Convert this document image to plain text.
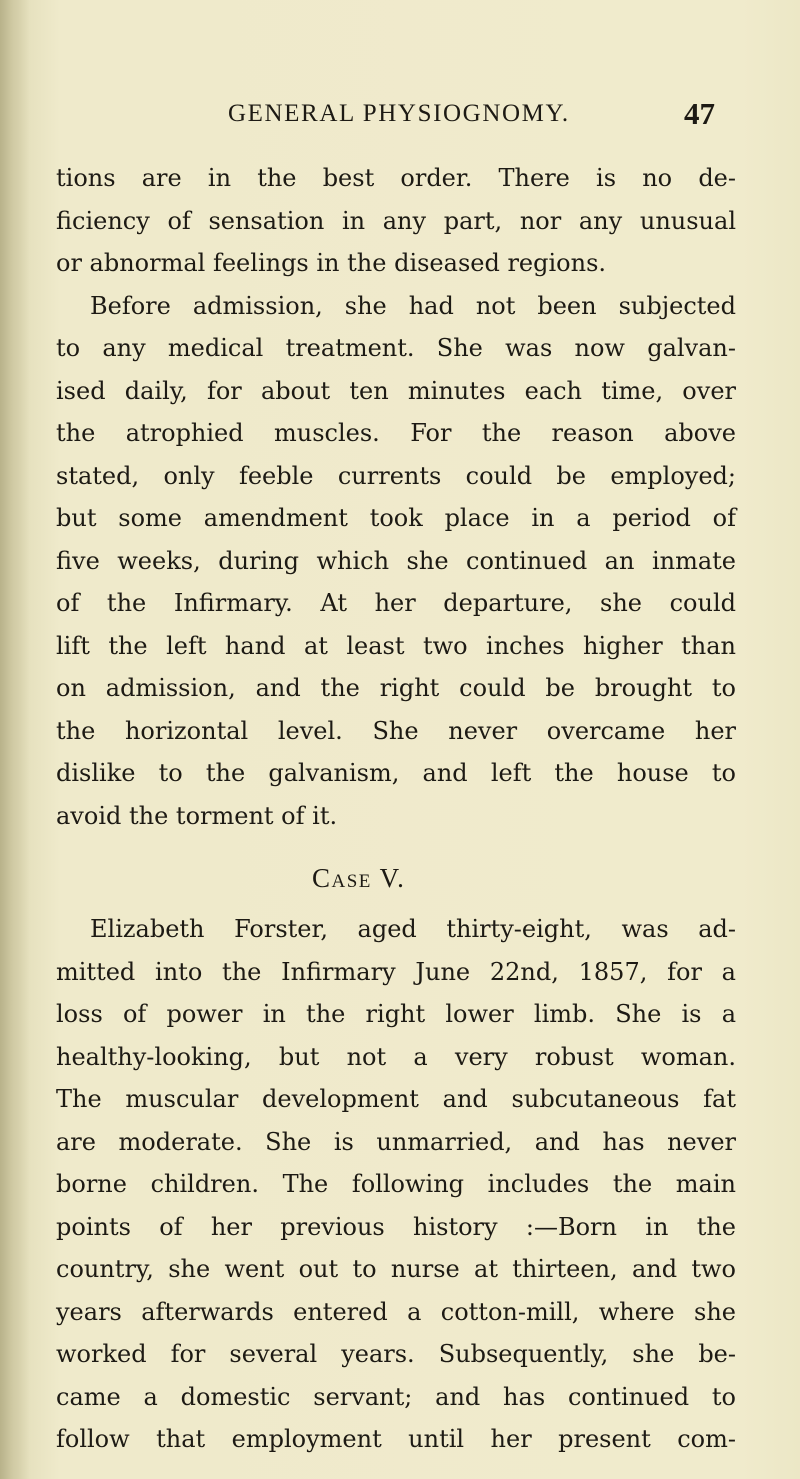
GENERAL PHYSIOGNOMY.	47
tions are in the best order. There is no de-
ficiency of sensation in any part, nor any unusual
or abnormal feelings in the diseased regions.
Before admission, she had not been subjected
to any medical treatment. She was now galvan-
ised daily, for about ten minutes each time, over
the atrophied muscles. For the reason above
stated, only feeble currents could be employed;
but some amendment took place in a period of
five weeks, during which she continued an inmate
of the Infirmary. At her departure, she could
lift the left hand at least two inches higher than
on admission, and the right could be brought to
the horizontal level. She never overcame her
dislike to the galvanism, and left the house to
avoid the torment of it.
Case V.
Elizabeth Forster, aged thirty-eight, was ad-
mitted into the Infirmary June 22nd, 1857, for a
loss of power in the right lower limb. She is a
healthy-looking, but not a very robust woman.
The muscular development and subcutaneous fat
are moderate. She is unmarried, and has never
borne children. The following includes the main
points of her previous history :—Born in the
country, she went out to nurse at thirteen, and two
years afterwards entered a cotton-mill, where she
worked for several years. Subsequently, she be-
came a domestic servant; and has continued to
follow that employment until her present com-
